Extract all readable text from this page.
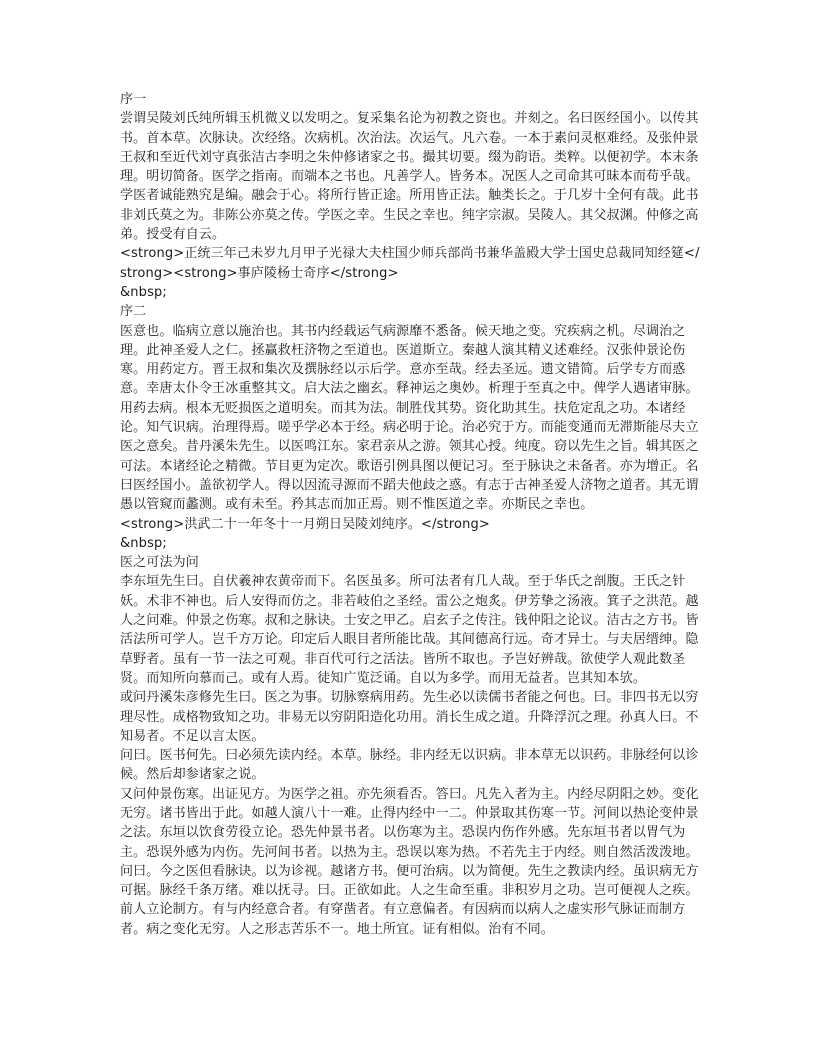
序一

尝谓吴陵刘氏纯所辑玉机微义以发明之。复采集名论为初教之资也。并刻之。名曰医经国小。以传其书。首本草。次脉诀。次经络。次病机。次治法。次运气。凡六卷。一本于素问灵枢难经。及张仲景王叔和至近代刘守真张洁古李明之朱仲修诸家之书。撮其切要。缀为韵语。类粹。以便初学。本末条理。明切简备。医学之指南。而端本之书也。凡善学人。皆务本。况医人之司命其可昧本而苟乎哉。学医者诚能熟究是编。融会于心。将所行皆正途。所用皆正法。触类长之。于几岁十全何有哉。此书非刘氏莫之为。非陈公亦莫之传。学医之幸。生民之幸也。纯字宗淑。吴陵人。其父叔渊。仲修之高弟。授受有自云。

<strong>正统三年己未岁九月甲子光禄大夫柱国少师兵部尚书兼华盖殿大学士国史总裁同知经筵</strong><strong>事庐陵杨士奇序</strong>

&nbsp;

序二

医意也。临病立意以施治也。其书内经载运气病源靡不悉备。候天地之变。究疾病之机。尽调治之理。此神圣爱人之仁。拯赢救枉济物之至道也。医道斯立。秦越人演其精义述难经。汉张仲景论伤寒。用药定方。晋王叔和集次及撰脉经以示后学。意亦至哉。经去圣远。遗文错简。后学专方而惑意。幸唐太仆令王冰重整其文。启大法之幽玄。释神运之奥妙。析理于至真之中。俾学人遇诸审脉。用药去病。根本无贬损医之道明矣。而其为法。制胜伐其势。资化助其生。扶危定乱之功。本诸经论。知气识病。治理得焉。嗟乎学必本于经。病必明于论。治必究于方。而能变通而无滞斯能尽夫立医之意矣。昔丹溪朱先生。以医鸣江东。家君亲从之游。领其心授。纯度。窃以先生之旨。辑其医之可法。本诸经论之精微。节目更为定次。歌语引例具图以便记习。至于脉诀之未备者。亦为增正。名曰医经国小。盖欲初学人。得以因流寻源而不蹈夫他歧之惑。有志于古神圣爱人济物之道者。其无谓愚以管窥而蠡测。或有未至。矜其志而加正焉。则不惟医道之幸。亦斯民之幸也。

<strong>洪武二十一年冬十一月朔日吴陵刘纯序。</strong>

&nbsp;

医之可法为问

李东垣先生曰。自伏羲神农黄帝而下。名医虽多。所可法者有几人哉。至于华氏之剖腹。王氏之针妖。术非不神也。后人安得而仿之。非若岐伯之圣经。雷公之炮炙。伊芳挚之汤液。箕子之洪范。越人之问难。仲景之伤寒。叔和之脉诀。士安之甲乙。启玄子之传注。钱仲阳之论议。洁古之方书。皆活法所可学人。岂千方万论。印定后人眼目者所能比哉。其间德高行远。奇才异士。与夫居缙绅。隐草野者。虽有一节一法之可观。非百代可行之活法。皆所不取也。予岂好辨哉。欲使学人观此数圣贤。而知所向慕而己。或有人焉。徒知广览泛诵。自以为多学。而用无益者。岂其知本欤。

或问丹溪朱彦修先生曰。医之为事。切脉察病用药。先生必以读儒书者能之何也。曰。非四书无以穷理尽性。成格物致知之功。非易无以穷阴阳造化功用。消长生成之道。升降浮沉之理。孙真人曰。不知易者。不足以言太医。

问曰。医书何先。曰必须先读内经。本草。脉经。非内经无以识病。非本草无以识药。非脉经何以诊候。然后却参诸家之说。

又问仲景伤寒。出证见方。为医学之祖。亦先须看否。答曰。凡先入者为主。内经尽阴阳之妙。变化无穷。诸书皆出于此。如越人演八十一难。止得内经中一二。仲景取其伤寒一节。河间以热论变仲景之法。东垣以饮食劳役立论。恐先仲景书者。以伤寒为主。恐误内伤作外感。先东垣书者以胃气为主。恐误外感为内伤。先河间书者。以热为主。恐误以寒为热。不若先主于内经。则自然活泼泼地。

问曰。今之医但看脉诀。以为诊视。越诸方书。便可治病。以为简便。先生之教读内经。虽识病无方可据。脉经千条万绪。难以抚寻。曰。正欲如此。人之生命至重。非积岁月之功。岂可便视人之疾。前人立论制方。有与内经意合者。有穿凿者。有立意偏者。有因病而以病人之虚实形气脉证而制方者。病之变化无穷。人之形志苦乐不一。地土所宜。证有相似。治有不同。
